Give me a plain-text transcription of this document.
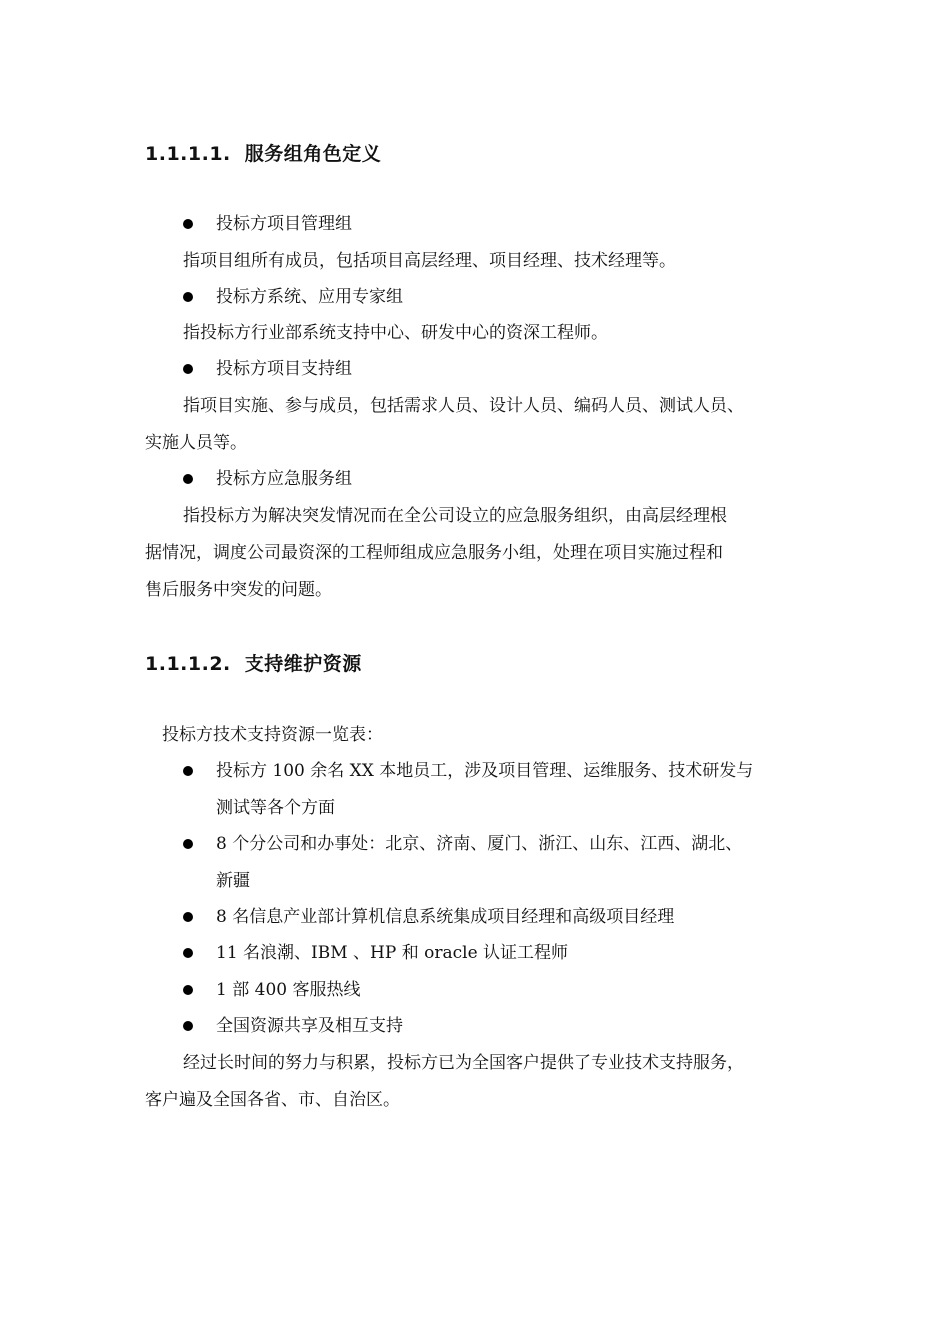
1.1.1.1. 服务组角色定义
投标方项目管理组
指项目组所有成员，包括项目高层经理、项目经理、技术经理等。
投标方系统、应用专家组
指投标方行业部系统支持中心、研发中心的资深工程师。
投标方项目支持组
指项目实施、参与成员，包括需求人员、设计人员、编码人员、测试人员、
实施人员等。
投标方应急服务组
指投标方为解决突发情况而在全公司设立的应急服务组织，由高层经理根
据情况，调度公司最资深的工程师组成应急服务小组，处理在项目实施过程和
售后服务中突发的问题。
1.1.1.2. 支持维护资源
投标方技术支持资源一览表：
投标方 100 余名 XX 本地员工，涉及项目管理、运维服务、技术研发与
测试等各个方面
8 个分公司和办事处：北京、济南、厦门、浙江、山东、江西、湖北、
新疆
8 名信息产业部计算机信息系统集成项目经理和高级项目经理
11 名浪潮、IBM 、HP 和 oracle 认证工程师
1 部 400 客服热线
全国资源共享及相互支持
经过长时间的努力与积累，投标方已为全国客户提供了专业技术支持服务，
客户遍及全国各省、市、自治区。
